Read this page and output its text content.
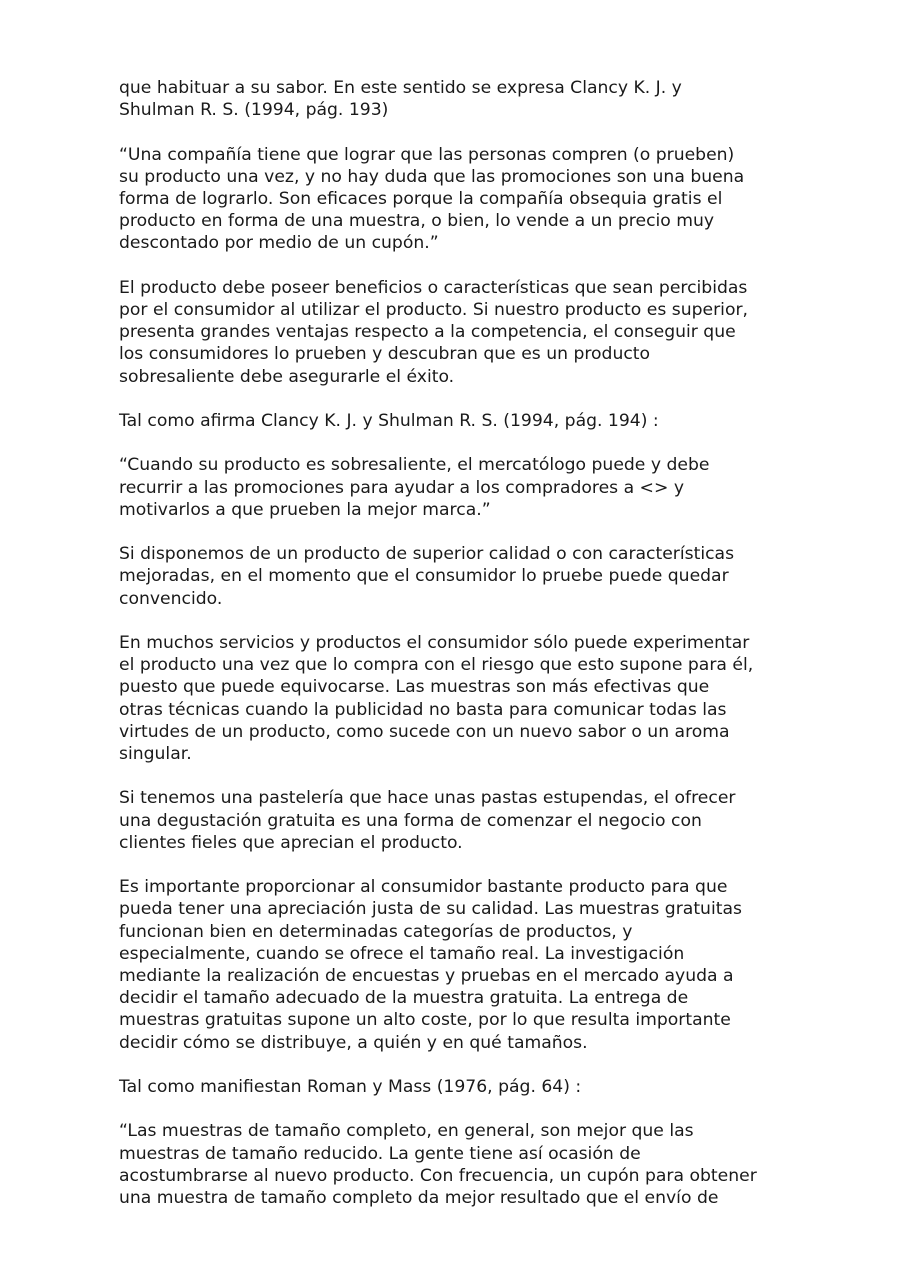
que habituar a su sabor. En este sentido se expresa Clancy K. J. y
Shulman R. S. (1994, pág. 193)

“Una compañía tiene que lograr que las personas compren (o prueben)
su producto una vez, y no hay duda que las promociones son una buena
forma de lograrlo. Son eficaces porque la compañía obsequia gratis el
producto en forma de una muestra, o bien, lo vende a un precio muy
descontado por medio de un cupón.”

El producto debe poseer beneficios o características que sean percibidas
por el consumidor al utilizar el producto. Si nuestro producto es superior,
presenta grandes ventajas respecto a la competencia, el conseguir que
los consumidores lo prueben y descubran que es un producto
sobresaliente debe asegurarle el éxito.

Tal como afirma Clancy K. J. y Shulman R. S. (1994, pág. 194) :

“Cuando su producto es sobresaliente, el mercatólogo puede y debe
recurrir a las promociones para ayudar a los compradores a <> y
motivarlos a que prueben la mejor marca.”

Si disponemos de un producto de superior calidad o con características
mejoradas, en el momento que el consumidor lo pruebe puede quedar
convencido.

En muchos servicios y productos el consumidor sólo puede experimentar
el producto una vez que lo compra con el riesgo que esto supone para él,
puesto que puede equivocarse. Las muestras son más efectivas que
otras técnicas cuando la publicidad no basta para comunicar todas las
virtudes de un producto, como sucede con un nuevo sabor o un aroma
singular.

Si tenemos una pastelería que hace unas pastas estupendas, el ofrecer
una degustación gratuita es una forma de comenzar el negocio con
clientes fieles que aprecian el producto.

Es importante proporcionar al consumidor bastante producto para que
pueda tener una apreciación justa de su calidad. Las muestras gratuitas
funcionan bien en determinadas categorías de productos, y
especialmente, cuando se ofrece el tamaño real. La investigación
mediante la realización de encuestas y pruebas en el mercado ayuda a
decidir el tamaño adecuado de la muestra gratuita. La entrega de
muestras gratuitas supone un alto coste, por lo que resulta importante
decidir cómo se distribuye, a quién y en qué tamaños.

Tal como manifiestan Roman y Mass (1976, pág. 64) :

“Las muestras de tamaño completo, en general, son mejor que las
muestras de tamaño reducido. La gente tiene así ocasión de
acostumbrarse al nuevo producto. Con frecuencia, un cupón para obtener
una muestra de tamaño completo da mejor resultado que el envío de
